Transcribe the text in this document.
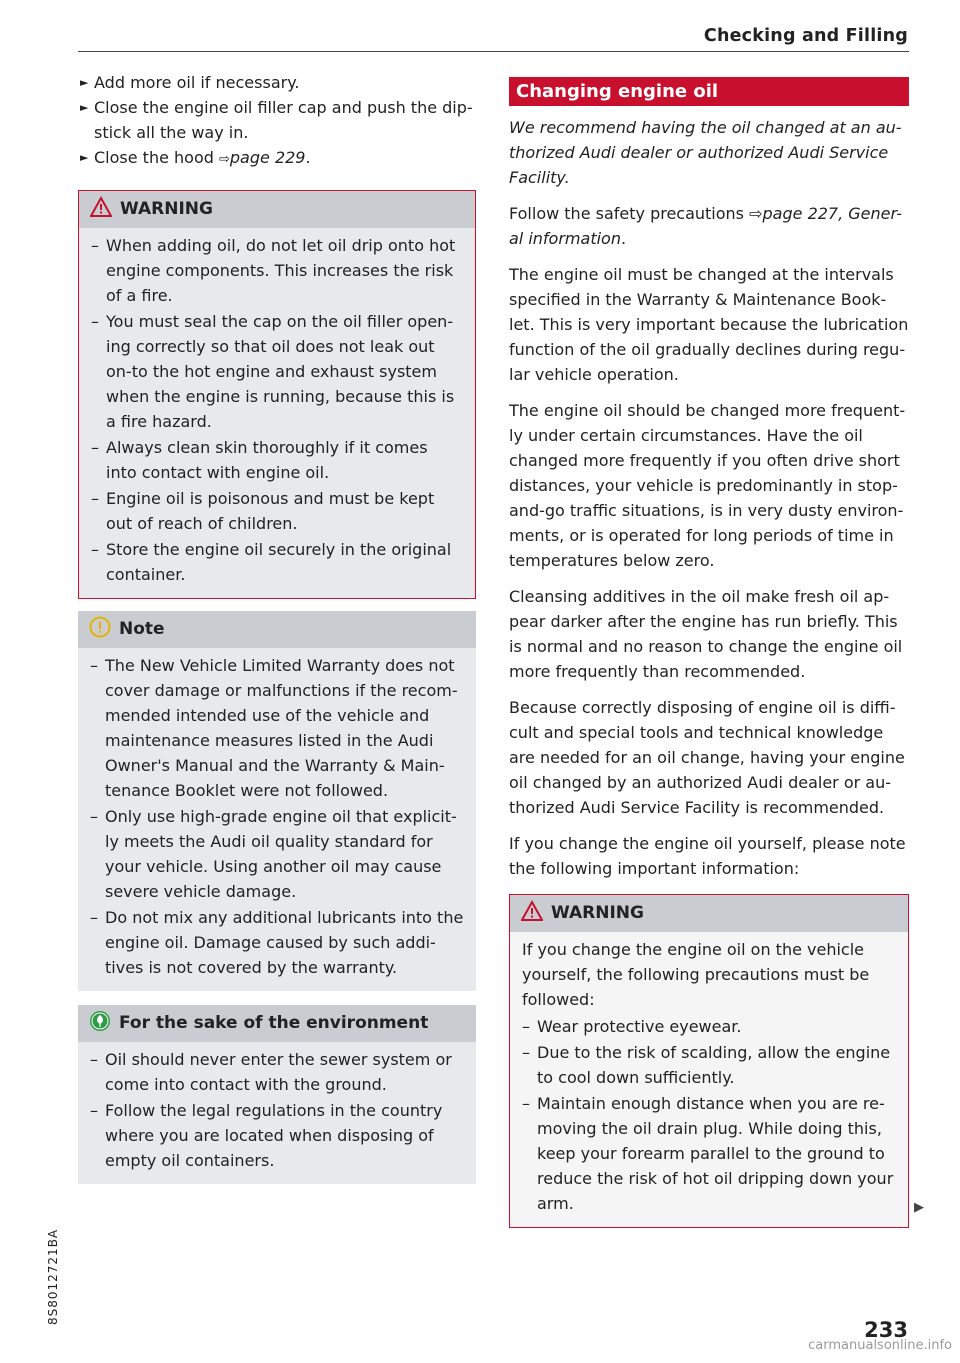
Checking and Filling
► Add more oil if necessary.
► Close the engine oil filler cap and push the dip-stick all the way in.
► Close the hood ⇨page 229.
WARNING
– When adding oil, do not let oil drip onto hot engine components. This increases the risk of a fire.
– You must seal the cap on the oil filler open-ing correctly so that oil does not leak out on-to the hot engine and exhaust system when the engine is running, because this is a fire hazard.
– Always clean skin thoroughly if it comes into contact with engine oil.
– Engine oil is poisonous and must be kept out of reach of children.
– Store the engine oil securely in the original container.
Note
– The New Vehicle Limited Warranty does not cover damage or malfunctions if the recom-mended intended use of the vehicle and maintenance measures listed in the Audi Owner's Manual and the Warranty & Main-tenance Booklet were not followed.
– Only use high-grade engine oil that explicit-ly meets the Audi oil quality standard for your vehicle. Using another oil may cause severe vehicle damage.
– Do not mix any additional lubricants into the engine oil. Damage caused by such addi-tives is not covered by the warranty.
For the sake of the environment
– Oil should never enter the sewer system or come into contact with the ground.
– Follow the legal regulations in the country where you are located when disposing of empty oil containers.
Changing engine oil

We recommend having the oil changed at an au-thorized Audi dealer or authorized Audi Service Facility.

Follow the safety precautions ⇨page 227, Gener-al information.

The engine oil must be changed at the intervals specified in the Warranty & Maintenance Book-let. This is very important because the lubrication function of the oil gradually declines during regu-lar vehicle operation.

The engine oil should be changed more frequent-ly under certain circumstances. Have the oil changed more frequently if you often drive short distances, your vehicle is predominantly in stop-and-go traffic situations, is in very dusty environ-ments, or is operated for long periods of time in temperatures below zero.

Cleansing additives in the oil make fresh oil ap-pear darker after the engine has run briefly. This is normal and no reason to change the engine oil more frequently than recommended.

Because correctly disposing of engine oil is diffi-cult and special tools and technical knowledge are needed for an oil change, having your engine oil changed by an authorized Audi dealer or au-thorized Audi Service Facility is recommended.

If you change the engine oil yourself, please note the following important information:

WARNING
If you change the engine oil on the vehicle yourself, the following precautions must be followed:
– Wear protective eyewear.
– Due to the risk of scalding, allow the engine to cool down sufficiently.
– Maintain enough distance when you are re-moving the oil drain plug. While doing this, keep your forearm parallel to the ground to reduce the risk of hot oil dripping down your arm.	▶
8S8012721BA
233
carmanualsonline.info
